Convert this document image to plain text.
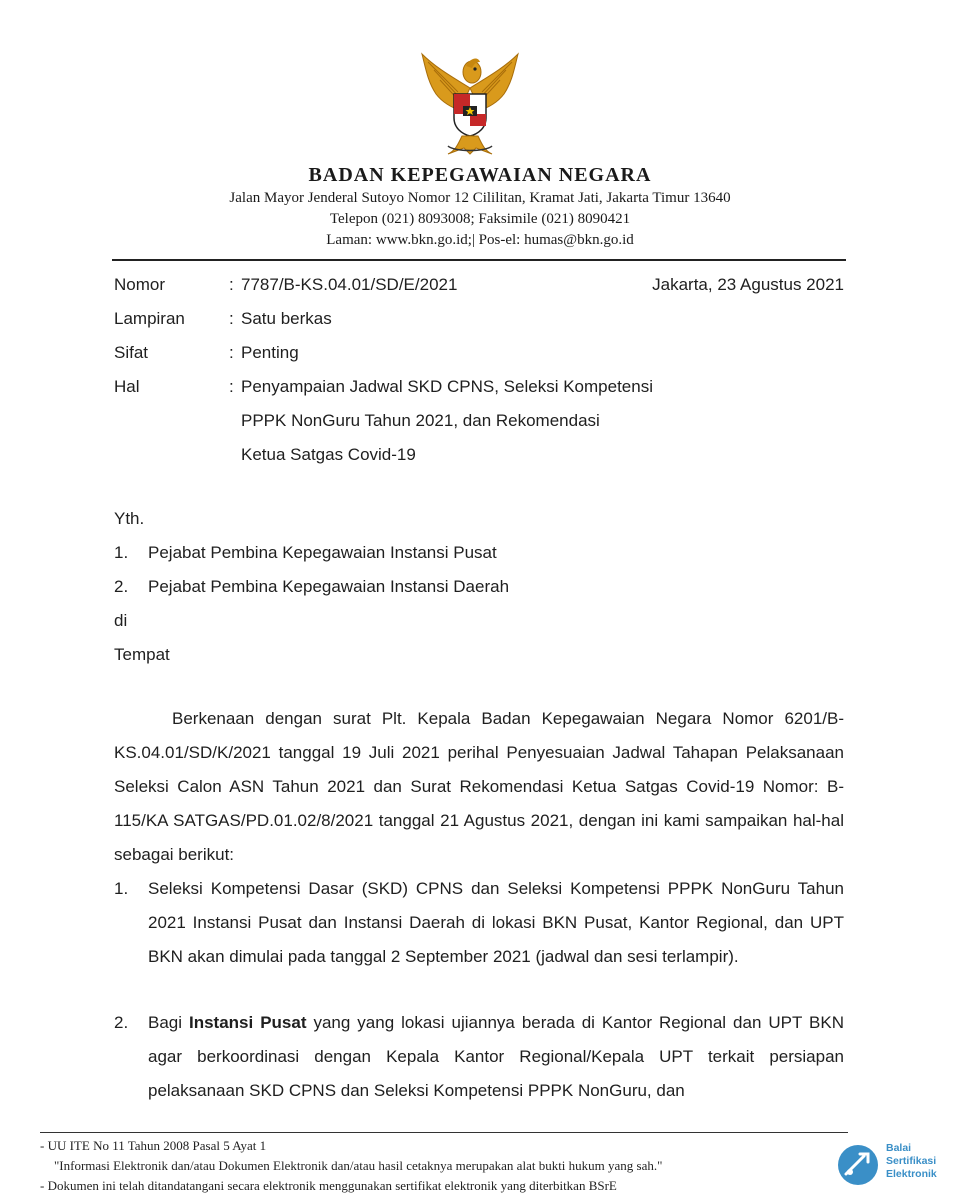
BADAN KEPEGAWAIAN NEGARA
Jalan Mayor Jenderal Sutoyo Nomor 12 Cililitan, Kramat Jati, Jakarta Timur 13640
Telepon (021) 8093008; Faksimile (021) 8090421
Laman: www.bkn.go.id;| Pos-el: humas@bkn.go.id
Nomor	: 7787/B-KS.04.01/SD/E/2021	Jakarta, 23 Agustus 2021
Lampiran	: Satu berkas
Sifat	: Penting
Hal	: Penyampaian Jadwal SKD CPNS, Seleksi Kompetensi
PPPK NonGuru Tahun 2021, dan Rekomendasi
Ketua Satgas Covid-19
Yth.
1. Pejabat Pembina Kepegawaian Instansi Pusat
2. Pejabat Pembina Kepegawaian Instansi Daerah
di
Tempat

Berkenaan dengan surat Plt. Kepala Badan Kepegawaian Negara Nomor 6201/B-KS.04.01/SD/K/2021 tanggal 19 Juli 2021 perihal Penyesuaian Jadwal Tahapan Pelaksanaan Seleksi Calon ASN Tahun 2021 dan Surat Rekomendasi Ketua Satgas Covid-19 Nomor: B-115/KA SATGAS/PD.01.02/8/2021 tanggal 21 Agustus 2021, dengan ini kami sampaikan hal-hal sebagai berikut:

1. Seleksi Kompetensi Dasar (SKD) CPNS dan Seleksi Kompetensi PPPK NonGuru Tahun 2021 Instansi Pusat dan Instansi Daerah di lokasi BKN Pusat, Kantor Regional, dan UPT BKN akan dimulai pada tanggal 2 September 2021 (jadwal dan sesi terlampir).
2. Bagi Instansi Pusat yang yang lokasi ujiannya berada di Kantor Regional dan UPT BKN agar berkoordinasi dengan Kepala Kantor Regional/Kepala UPT terkait persiapan pelaksanaan SKD CPNS dan Seleksi Kompetensi PPPK NonGuru, dan
- UU ITE No 11 Tahun 2008 Pasal 5 Ayat 1
"Informasi Elektronik dan/atau Dokumen Elektronik dan/atau hasil cetaknya merupakan alat bukti hukum yang sah."
- Dokumen ini telah ditandatangani secara elektronik menggunakan sertifikat elektronik yang diterbitkan BSrE
Balai
Sertifikasi
Elektronik
